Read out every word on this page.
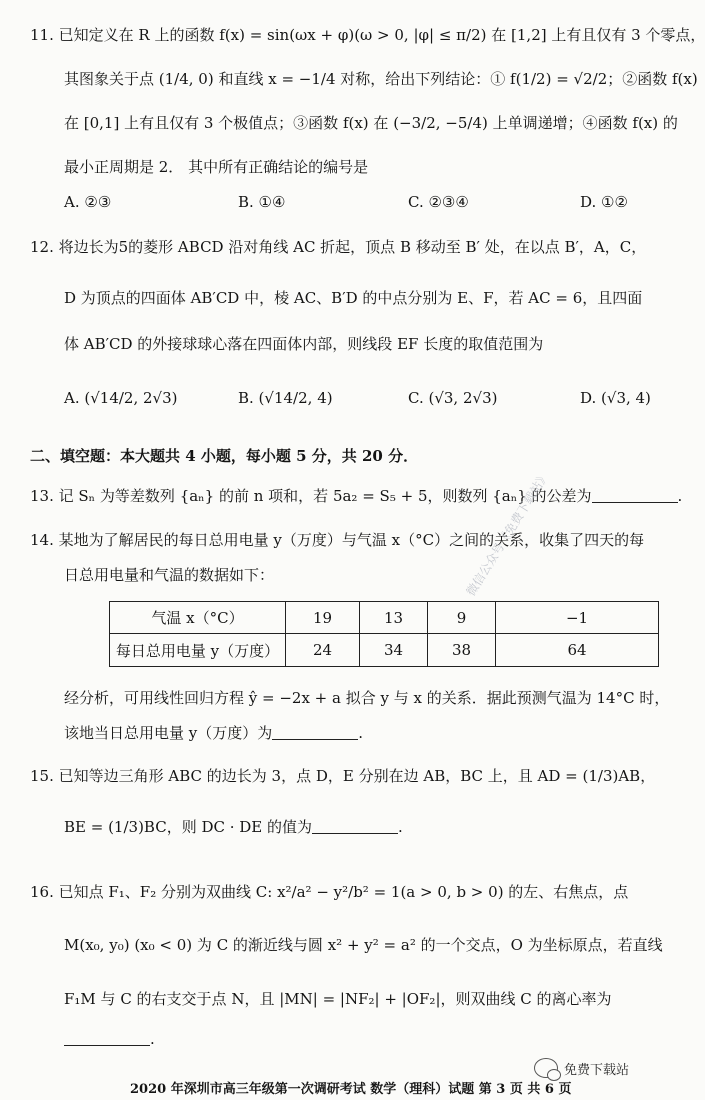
11. 已知定义在 R 上的函数 f(x) = sin(ωx + φ)(ω > 0, |φ| ≤ π/2) 在 [1,2] 上有且仅有 3 个零点，
其图象关于点 (1/4, 0) 和直线 x = −1/4 对称，给出下列结论：① f(1/2) = √2/2；②函数 f(x)
在 [0,1] 上有且仅有 3 个极值点；③函数 f(x) 在 (−3/2, −5/4) 上单调递增；④函数 f(x) 的
最小正周期是 2． 其中所有正确结论的编号是
A. ②③	B. ①④	C. ②③④	D. ①②
12. 将边长为5的菱形 ABCD 沿对角线 AC 折起，顶点 B 移动至 B′ 处，在以点 B′，A，C，
D 为顶点的四面体 AB′CD 中，棱 AC、B′D 的中点分别为 E、F，若 AC = 6，且四面
体 AB′CD 的外接球球心落在四面体内部，则线段 EF 长度的取值范围为
A. (√14/2, 2√3)	B. (√14/2, 4)	C. (√3, 2√3)	D. (√3, 4)
二、填空题：本大题共 4 小题，每小题 5 分，共 20 分．
13. 记 Sₙ 为等差数列 {aₙ} 的前 n 项和，若 5a₂ = S₅ + 5，则数列 {aₙ} 的公差为	.
14. 某地为了解居民的每日总用电量 y（万度）与气温 x（°C）之间的关系，收集了四天的每
日总用电量和气温的数据如下：
气温 x（°C）	19	13	9	−1
每日总用电量 y（万度）	24	34	38	64
微信公众号《免费下载站》
经分析，可用线性回归方程 ŷ = −2x + a 拟合 y 与 x 的关系．据此预测气温为 14°C 时，
该地当日总用电量 y（万度）为	.
15. 已知等边三角形 ABC 的边长为 3，点 D，E 分别在边 AB，BC 上，且 AD = (1/3)AB，
BE = (1/3)BC，则 DC · DE 的值为	.
16. 已知点 F₁、F₂ 分别为双曲线 C: x²/a² − y²/b² = 1(a > 0, b > 0) 的左、右焦点，点
M(x₀, y₀) (x₀ < 0) 为 C 的渐近线与圆 x² + y² = a² 的一个交点，O 为坐标原点，若直线
F₁M 与 C 的右支交于点 N，且 |MN| = |NF₂| + |OF₂|，则双曲线 C 的离心率为
.
免费下载站
2020 年深圳市高三年级第一次调研考试 数学（理科）试题 第 3 页 共 6 页
